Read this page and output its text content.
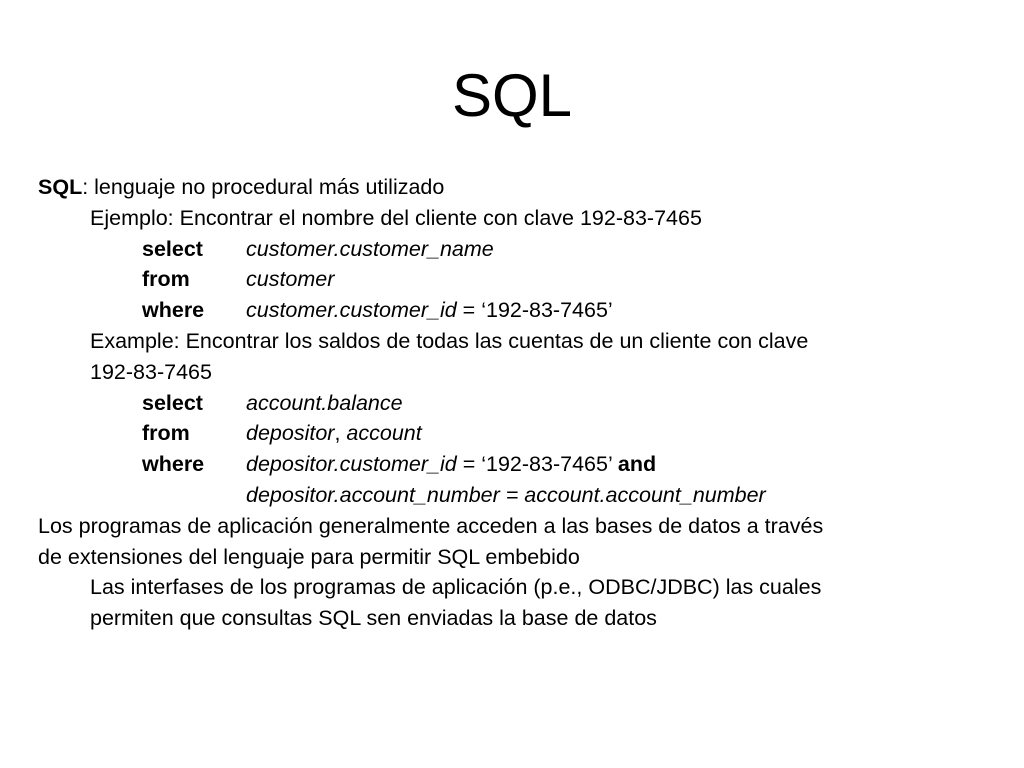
SQL
SQL: lenguaje no procedural más utilizado
Ejemplo: Encontrar el nombre del cliente con clave 192-83-7465
select customer.customer_name
from	customer
where customer.customer_id = ‘192-83-7465’
Example: Encontrar los saldos de todas las cuentas de un cliente con clave
192-83-7465
select account.balance
from	depositor, account
where depositor.customer_id = ‘192-83-7465’ and
depositor.account_number = account.account_number
Los programas de aplicación generalmente acceden a las bases de datos a través
de extensiones del lenguaje para permitir SQL embebido
Las interfases de los programas de aplicación (p.e., ODBC/JDBC) las cuales
permiten que consultas SQL sen enviadas la base de datos
